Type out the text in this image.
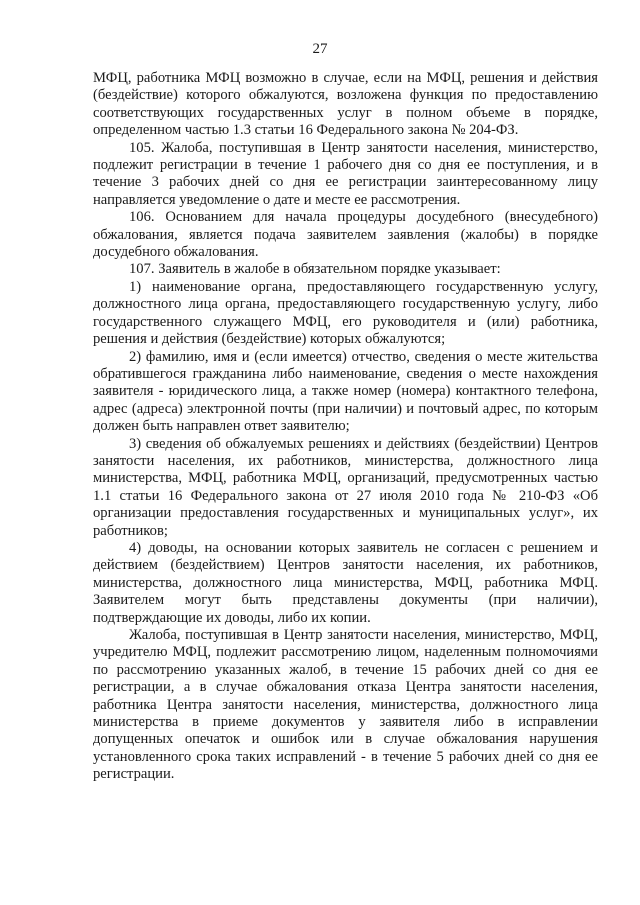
27

МФЦ, работника МФЦ возможно в случае, если на МФЦ, решения и действия (бездействие) которого обжалуются, возложена функция по предоставлению соответствующих государственных услуг в полном объеме в порядке, определенном частью 1.3 статьи 16 Федерального закона № 204-ФЗ.

105. Жалоба, поступившая в Центр занятости населения, министерство, подлежит регистрации в течение 1 рабочего дня со дня ее поступления, и в течение 3 рабочих дней со дня ее регистрации заинтересованному лицу направляется уведомление о дате и месте ее рассмотрения.

106. Основанием для начала процедуры досудебного (внесудебного) обжалования, является подача заявителем заявления (жалобы) в порядке досудебного обжалования.

107. Заявитель в жалобе в обязательном порядке указывает:

1) наименование органа, предоставляющего государственную услугу, должностного лица органа, предоставляющего государственную услугу, либо государственного служащего МФЦ, его руководителя и (или) работника, решения и действия (бездействие) которых обжалуются;

2) фамилию, имя и (если имеется) отчество, сведения о месте жительства обратившегося гражданина либо наименование, сведения о месте нахождения заявителя - юридического лица, а также номер (номера) контактного телефона, адрес (адреса) электронной почты (при наличии) и почтовый адрес, по которым должен быть направлен ответ заявителю;

3) сведения об обжалуемых решениях и действиях (бездействии) Центров занятости населения, их работников, министерства, должностного лица министерства, МФЦ, работника МФЦ, организаций, предусмотренных частью 1.1 статьи 16 Федерального закона от 27 июля 2010 года № 210-ФЗ «Об организации предоставления государственных и муниципальных услуг», их работников;

4) доводы, на основании которых заявитель не согласен с решением и действием (бездействием) Центров занятости населения, их работников, министерства, должностного лица министерства, МФЦ, работника МФЦ. Заявителем могут быть представлены документы (при наличии), подтверждающие их доводы, либо их копии.

Жалоба, поступившая в Центр занятости населения, министерство, МФЦ, учредителю МФЦ, подлежит рассмотрению лицом, наделенным полномочиями по рассмотрению указанных жалоб, в течение 15 рабочих дней со дня ее регистрации, а в случае обжалования отказа Центра занятости населения, работника Центра занятости населения, министерства, должностного лица министерства в приеме документов у заявителя либо в исправлении допущенных опечаток и ошибок или в случае обжалования нарушения установленного срока таких исправлений - в течение 5 рабочих дней со дня ее регистрации.
